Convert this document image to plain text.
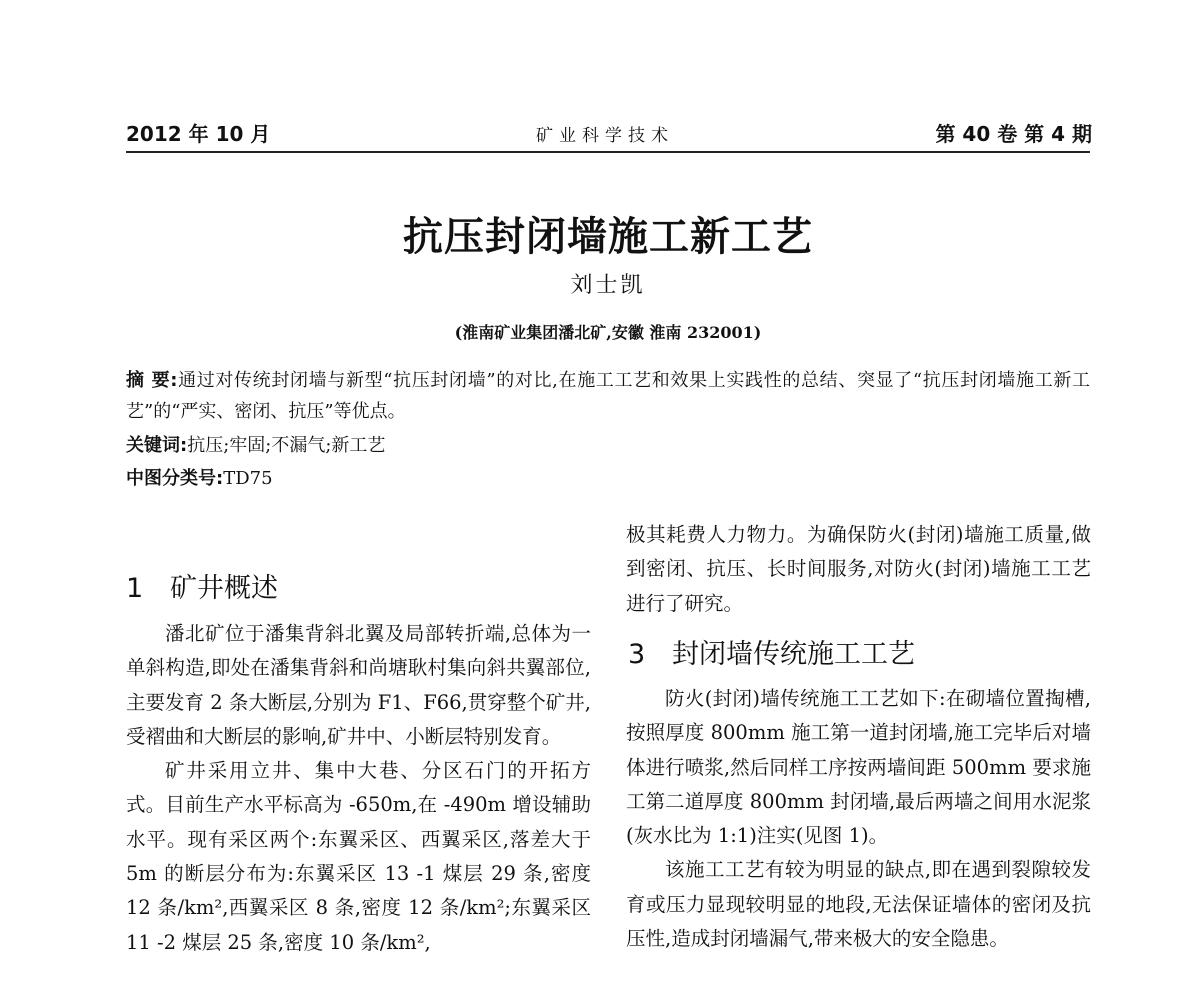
2012 年 10 月	矿业科学技术	第 40 卷 第 4 期
抗压封闭墙施工新工艺
刘士凯
(淮南矿业集团潘北矿,安徽 淮南 232001)
摘 要:通过对传统封闭墙与新型“抗压封闭墙”的对比,在施工工艺和效果上实践性的总结、突显了“抗压封闭墙施工新工艺”的“严实、密闭、抗压”等优点。
关键词:抗压;牢固;不漏气;新工艺
中图分类号:TD75
1 矿井概述

潘北矿位于潘集背斜北翼及局部转折端,总体为一单斜构造,即处在潘集背斜和尚塘耿村集向斜共翼部位,主要发育 2 条大断层,分别为 F1、F66,贯穿整个矿井,受褶曲和大断层的影响,矿井中、小断层特别发育。

矿井采用立井、集中大巷、分区石门的开拓方式。目前生产水平标高为 -650m,在 -490m 增设辅助水平。现有采区两个:东翼采区、西翼采区,落差大于 5m 的断层分布为:东翼采区 13 -1 煤层 29 条,密度 12 条/km²,西翼采区 8 条,密度 12 条/km²;东翼采区 11 -2 煤层 25 条,密度 10 条/km²,

极其耗费人力物力。为确保防火(封闭)墙施工质量,做到密闭、抗压、长时间服务,对防火(封闭)墙施工工艺进行了研究。

3 封闭墙传统施工工艺

防火(封闭)墙传统施工工艺如下:在砌墙位置掏槽,按照厚度 800mm 施工第一道封闭墙,施工完毕后对墙体进行喷浆,然后同样工序按两墙间距 500mm 要求施工第二道厚度 800mm 封闭墙,最后两墙之间用水泥浆(灰水比为 1:1)注实(见图 1)。

该施工工艺有较为明显的缺点,即在遇到裂隙较发育或压力显现较明显的地段,无法保证墙体的密闭及抗压性,造成封闭墙漏气,带来极大的安全隐患。
